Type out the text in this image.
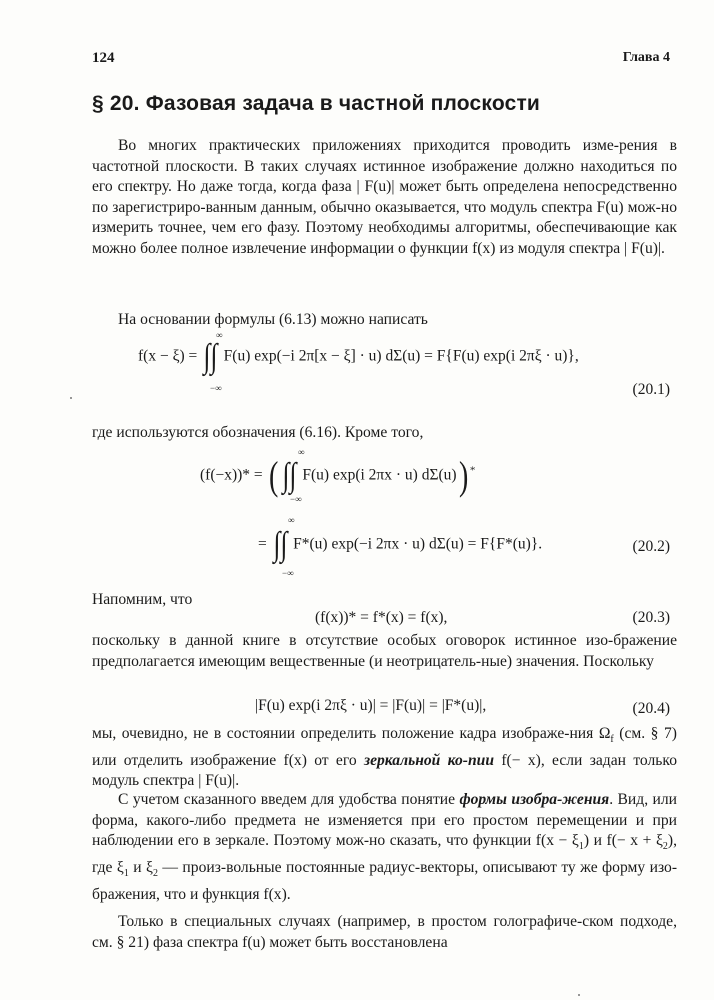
124	Глава 4
§ 20. Фазовая задача в частной плоскости
Во многих практических приложениях приходится проводить изме-рения в частотной плоскости. В таких случаях истинное изображение должно находиться по его спектру. Но даже тогда, когда фаза | F(u)| может быть определена непосредственно по зарегистриро-ванным данным, обычно оказывается, что модуль спектра F(u) мож-но измерить точнее, чем его фазу. Поэтому необходимы алгоритмы, обеспечивающие как можно более полное извлечение информации о функции f(x) из модуля спектра | F(u)|.
На основании формулы (6.13) можно написать
f(x − ξ) = ∫∫ F(u) exp(−i 2π[x − ξ] · u) dΣ(u) = F{F(u) exp(i 2πξ · u)},
∞
−∞	(20.1)
где используются обозначения (6.16). Кроме того,
(f(−x))* = ( ∫∫ F(u) exp(i 2πx · u) dΣ(u)) *
∞
−∞
= ∫∫ F*(u) exp(−i 2πx · u) dΣ(u) = F{F*(u)}.
∞
−∞
(20.2)
Напомним, что
(f(x))* = f*(x) = f(x),	(20.3)
поскольку в данной книге в отсутствие особых оговорок истинное изо-бражение предполагается имеющим вещественные (и неотрицатель-ные) значения. Поскольку
|F(u) exp(i 2πξ · u)| = |F(u)| = |F*(u)|,	(20.4)
мы, очевидно, не в состоянии определить положение кадра изображе-ния $\Omega_f$ (см. § 7) или отделить изображение f(x) от его зеркальной ко-пии f(− x), если задан только модуль спектра | F(u)|.
С учетом сказанного введем для удобства понятие формы изобра-жения. Вид, или форма, какого-либо предмета не изменяется при его простом перемещении и при наблюдении его в зеркале. Поэтому мож-но сказать, что функции $f(x - \xi_1)$ и $f(- x + \xi_2)$, где $\xi_1$ и $\xi_2$ — произ-вольные постоянные радиус-векторы, описывают ту же форму изо-бражения, что и функция f(x).
Только в специальных случаях (например, в простом голографиче-ском подходе, см. § 21) фаза спектра f(u) может быть восстановлена
